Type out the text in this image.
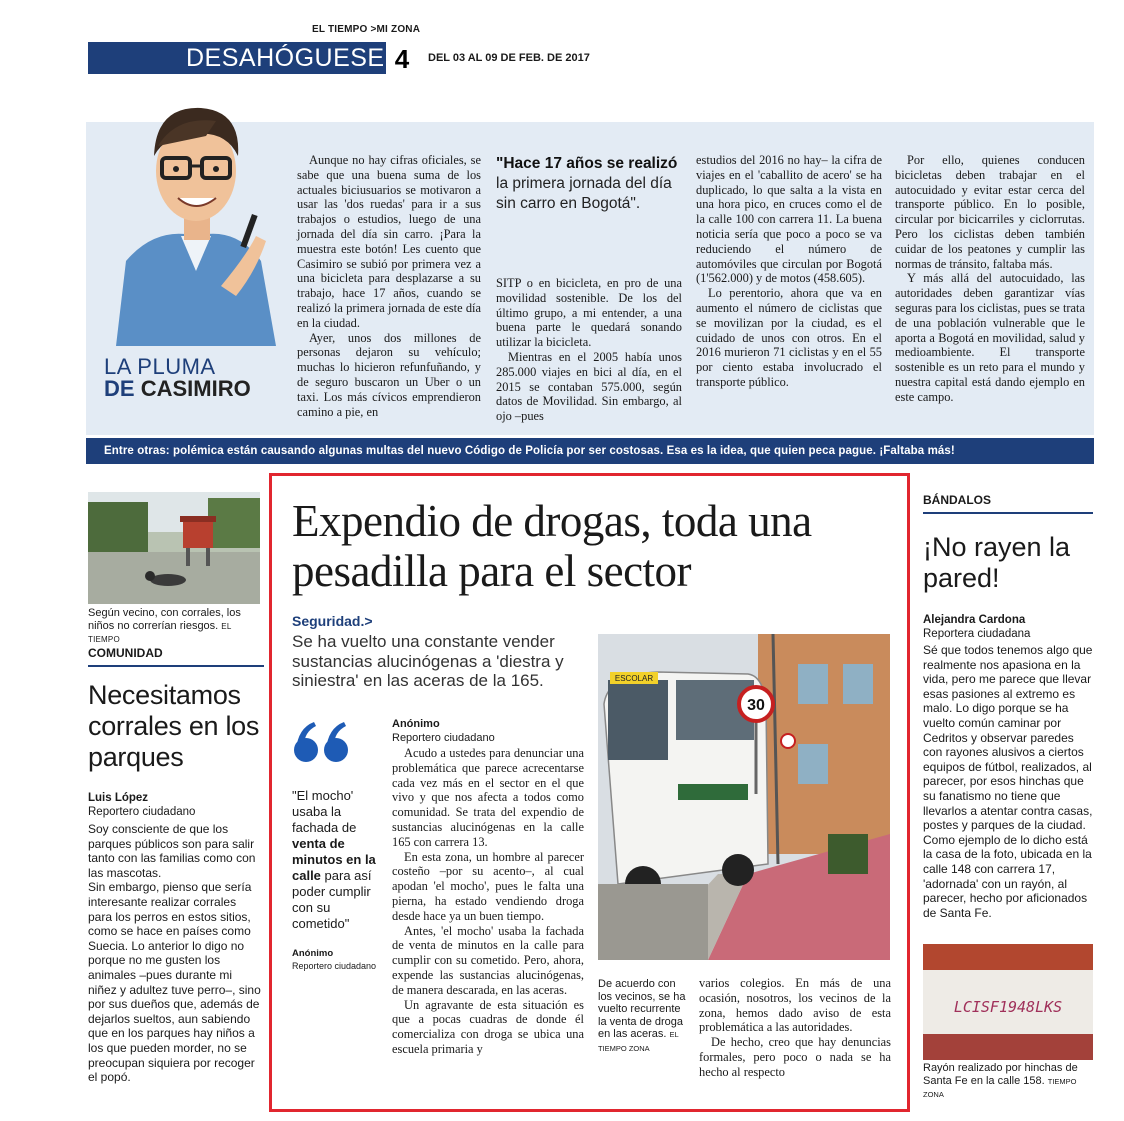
EL TIEMPO >MI ZONA
DESAHÓGUESE 4	DEL 03 AL 09 DE FEB. DE 2017
LA PLUMA
DE CASIMIRO

Aunque no hay cifras oficiales, se sabe que una buena suma de los actuales biciusuarios se motivaron a usar las 'dos ruedas' para ir a sus trabajos o estudios, luego de una jornada del día sin carro. ¡Para la muestra este botón! Les cuento que Casimiro se subió por primera vez a una bicicleta para desplazarse a su trabajo, hace 17 años, cuando se realizó la primera jornada de este día en la ciudad.

Ayer, unos dos millones de personas dejaron su vehículo; muchas lo hicieron refunfuñando, y de seguro buscaron un Uber o un taxi. Los más cívicos emprendieron camino a pie, en

"Hace 17 años se realizó la primera jornada del día sin carro en Bogotá".

SITP o en bicicleta, en pro de una movilidad sostenible. De los del último grupo, a mi entender, a una buena parte le quedará sonando utilizar la bicicleta.

Mientras en el 2005 había unos 285.000 viajes en bici al día, en el 2015 se contaban 575.000, según datos de Movilidad. Sin embargo, al ojo –pues

estudios del 2016 no hay– la cifra de viajes en el 'caballito de acero' se ha duplicado, lo que salta a la vista en una hora pico, en cruces como el de la calle 100 con carrera 11. La buena noticia sería que poco a poco se va reduciendo el número de automóviles que circulan por Bogotá (1'562.000) y de motos (458.605).

Lo perentorio, ahora que va en aumento el número de ciclistas que se movilizan por la ciudad, es el cuidado de unos con otros. En el 2016 murieron 71 ciclistas y en el 55 por ciento estaba involucrado el transporte público.

Por ello, quienes conducen bicicletas deben trabajar en el autocuidado y evitar estar cerca del transporte público. En lo posible, circular por bicicarriles y ciclorrutas. Pero los ciclistas deben también cuidar de los peatones y cumplir las normas de tránsito, faltaba más.

Y más allá del autocuidado, las autoridades deben garantizar vías seguras para los ciclistas, pues se trata de una población vulnerable que le aporta a Bogotá en movilidad, salud y medioambiente. El transporte sostenible es un reto para el mundo y nuestra capital está dando ejemplo en este campo.

Entre otras: polémica están causando algunas multas del nuevo Código de Policía por ser costosas. Esa es la idea, que quien peca pague. ¡Faltaba más!
Según vecino, con corrales, los niños no correrían riesgos. EL TIEMPO
COMUNIDAD
Necesitamos corrales en los parques
Luis López
Reportero ciudadano

Soy consciente de que los parques públicos son para salir tanto con las familias como con las mascotas.

Sin embargo, pienso que sería interesante realizar corrales para los perros en estos sitios, como se hace en países como Suecia. Lo anterior lo digo no porque no me gusten los animales –pues durante mi niñez y adultez tuve perro–, sino por sus dueños que, además de dejarlos sueltos, aun sabiendo que en los parques hay niños a los que pueden morder, no se preocupan siquiera por recoger el popó.

Expendio de drogas, toda una pesadilla para el sector
Seguridad.>
Se ha vuelto una constante vender sustancias alucinógenas a 'diestra y siniestra' en las aceras de la 165.
"El mocho' usaba la fachada de venta de minutos en la calle para así poder cumplir con su cometido"
Anónimo
Reportero ciudadano
Anónimo
Reportero ciudadano

Acudo a ustedes para denunciar una problemática que parece acrecentarse cada vez más en el sector en el que vivo y que nos afecta a todos como comunidad. Se trata del expendio de sustancias alucinógenas en la calle 165 con carrera 13.

En esta zona, un hombre al parecer costeño –por su acento–, al cual apodan 'el mocho', pues le falta una pierna, ha estado vendiendo droga desde hace ya un buen tiempo.

Antes, 'el mocho' usaba la fachada de venta de minutos en la calle para cumplir con su cometido. Pero, ahora, expende las sustancias alucinógenas, de manera descarada, en las aceras.

Un agravante de esta situación es que a pocas cuadras de donde él comercializa con droga se ubica una escuela primaria y

ESCOLAR
30
De acuerdo con los vecinos, se ha vuelto recurrente la venta de droga en las aceras. EL TIEMPO ZONA

varios colegios. En más de una ocasión, nosotros, los vecinos de la zona, hemos dado aviso de esta problemática a las autoridades.

De hecho, creo que hay denuncias formales, pero poco o nada se ha hecho al respecto

BÁNDALOS
¡No rayen la pared!
Alejandra Cardona
Reportera ciudadana
Sé que todos tenemos algo que realmente nos apasiona en la vida, pero me parece que llevar esas pasiones al extremo es malo. Lo digo porque se ha vuelto común caminar por Cedritos y observar paredes con rayones alusivos a ciertos equipos de fútbol, realizados, al parecer, por esos hinchas que su fanatismo no tiene que llevarlos a atentar contra casas, postes y parques de la ciudad. Como ejemplo de lo dicho está la casa de la foto, ubicada en la calle 148 con carrera 17, 'adornada' con un rayón, al parecer, hecho por aficionados de Santa Fe.
LCISF1948LKS
Rayón realizado por hinchas de Santa Fe en la calle 158. TIEMPO ZONA
